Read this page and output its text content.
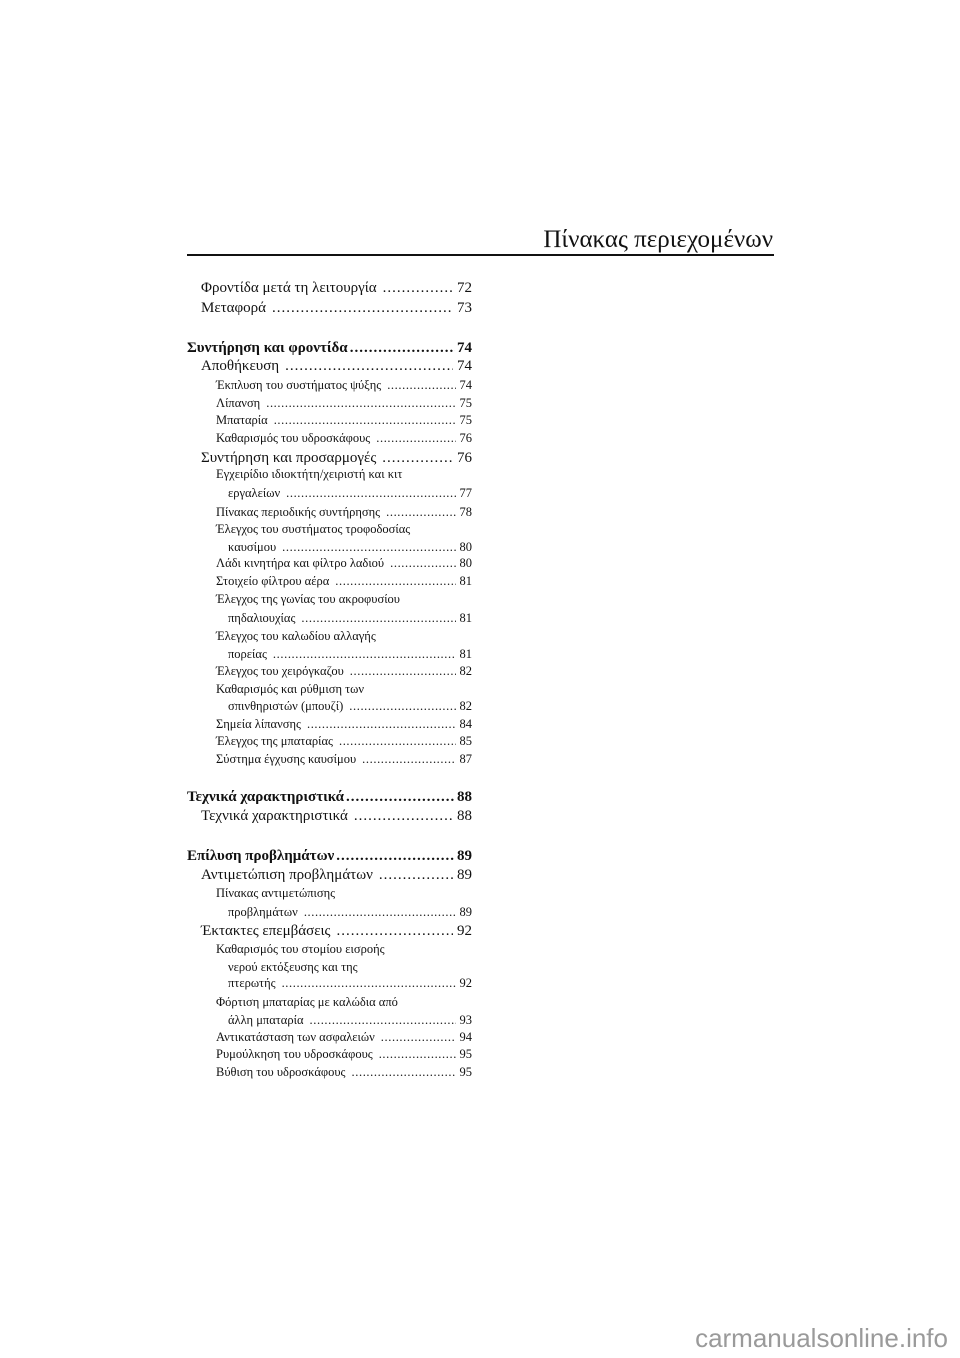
Πίνακας περιεχομένων
Φροντίδα μετά τη λειτουργία .....	72
Μεταφορά .....	73
Συντήρηση και φροντίδα .....	74
Αποθήκευση .....	74
Έκπλυση του συστήματος ψύξης .....	74
Λίπανση .....	75
Μπαταρία .....	75
Καθαρισμός του υδροσκάφους .....	76
Συντήρηση και προσαρμογές .....	76
Εγχειρίδιο ιδιοκτήτη/χειριστή και κιτ
εργαλείων .....	77
Πίνακας περιοδικής συντήρησης .....	78
Έλεγχος του συστήματος τροφοδοσίας
καυσίμου .....	80
Λάδι κινητήρα και φίλτρο λαδιού .....	80
Στοιχείο φίλτρου αέρα .....	81
Έλεγχος της γωνίας του ακροφυσίου
πηδαλιουχίας .....	81
Έλεγχος του καλωδίου αλλαγής
πορείας .....	81
Έλεγχος του χειρόγκαζου .....	82
Καθαρισμός και ρύθμιση των
σπινθηριστών (μπουζί) .....	82
Σημεία λίπανσης .....	84
Έλεγχος της μπαταρίας .....	85
Σύστημα έγχυσης καυσίμου .....	87
Τεχνικά χαρακτηριστικά .....	88
Τεχνικά χαρακτηριστικά .....	88
Επίλυση προβλημάτων .....	89
Αντιμετώπιση προβλημάτων .....	89
Πίνακας αντιμετώπισης
προβλημάτων .....	89
Έκτακτες επεμβάσεις .....	92
Καθαρισμός του στομίου εισροής
νερού εκτόξευσης και της
πτερωτής .....	92
Φόρτιση μπαταρίας με καλώδια από
άλλη μπαταρία .....	93
Αντικατάσταση των ασφαλειών .....	94
Ρυμούλκηση του υδροσκάφους .....	95
Βύθιση του υδροσκάφους .....	95
carmanualsonline.info
